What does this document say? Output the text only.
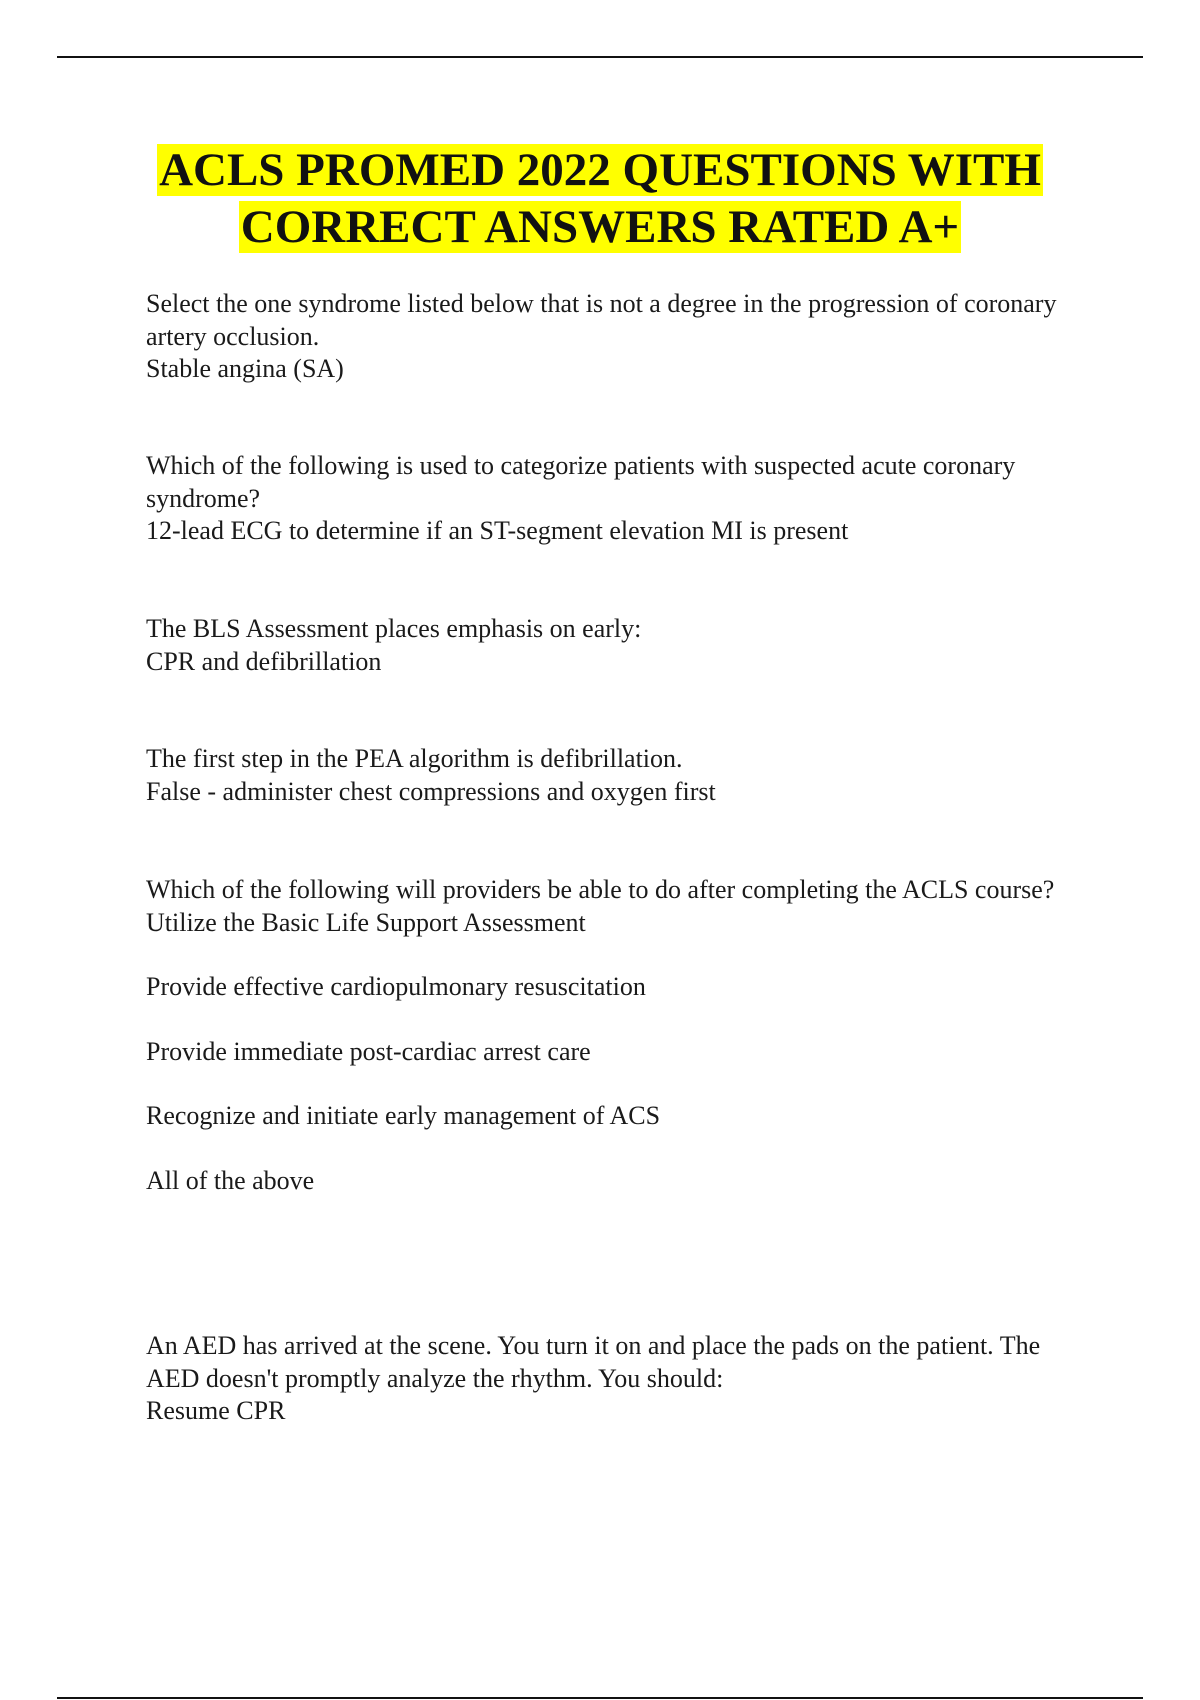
ACLS PROMED 2022 QUESTIONS WITH
CORRECT ANSWERS RATED A+

Select the one syndrome listed below that is not a degree in the progression of coronary artery occlusion.

Stable angina (SA)

Which of the following is used to categorize patients with suspected acute coronary syndrome?

12-lead ECG to determine if an ST-segment elevation MI is present

The BLS Assessment places emphasis on early:

CPR and defibrillation

The first step in the PEA algorithm is defibrillation.

False - administer chest compressions and oxygen first

Which of the following will providers be able to do after completing the ACLS course?

Utilize the Basic Life Support Assessment

Provide effective cardiopulmonary resuscitation

Provide immediate post-cardiac arrest care

Recognize and initiate early management of ACS

All of the above

An AED has arrived at the scene. You turn it on and place the pads on the patient. The AED doesn't promptly analyze the rhythm. You should:

Resume CPR
